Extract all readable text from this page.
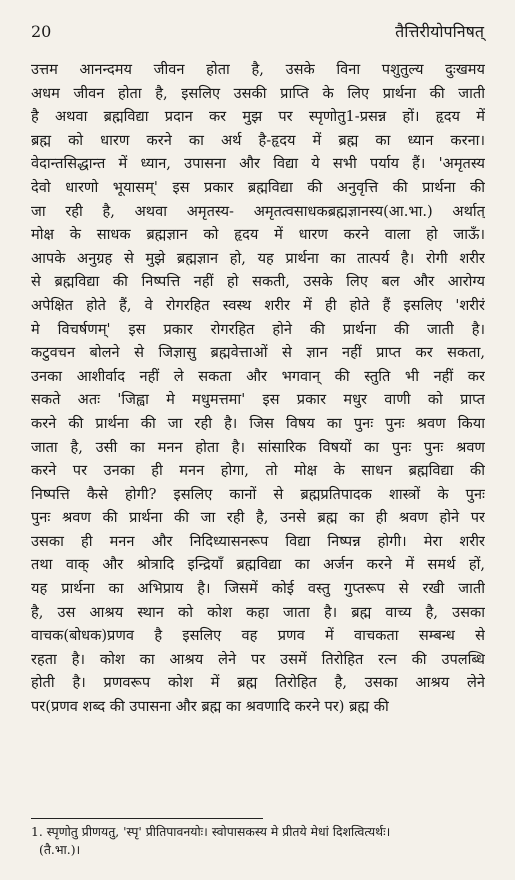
20	तैत्तिरीयोपनिषत्
उत्तम आनन्दमय जीवन होता है, उसके विना पशुतुल्य दुःखमय
अधम जीवन होता है, इसलिए उसकी प्राप्ति के लिए प्रार्थना की जाती
है अथवा ब्रह्मविद्या प्रदान कर मुझ पर स्पृणोतु1-प्रसन्न हों। हृदय में
ब्रह्म को धारण करने का अर्थ है-हृदय में ब्रह्म का ध्यान करना।
वेदान्तसिद्धान्त में ध्यान, उपासना और विद्या ये सभी पर्याय हैं। 'अमृतस्य
देवो धारणो भूयासम्' इस प्रकार ब्रह्मविद्या की अनुवृत्ति की प्रार्थना की
जा रही है, अथवा अमृतस्य- अमृतत्वसाधकब्रह्मज्ञानस्य(आ.भा.) अर्थात्
मोक्ष के साधक ब्रह्मज्ञान को हृदय में धारण करने वाला हो जाऊँ।
आपके अनुग्रह से मुझे ब्रह्मज्ञान हो, यह प्रार्थना का तात्पर्य है। रोगी शरीर
से ब्रह्मविद्या की निष्पत्ति नहीं हो सकती, उसके लिए बल और आरोग्य
अपेक्षित होते हैं, वे रोगरहित स्वस्थ शरीर में ही होते हैं इसलिए 'शरीरं
मे विचर्षणम्' इस प्रकार रोगरहित होने की प्रार्थना की जाती है।
कटुवचन बोलने से जिज्ञासु ब्रह्मवेत्ताओं से ज्ञान नहीं प्राप्त कर सकता,
उनका आशीर्वाद नहीं ले सकता और भगवान् की स्तुति भी नहीं कर
सकते अतः 'जिह्वा मे मधुमत्तमा' इस प्रकार मधुर वाणी को प्राप्त
करने की प्रार्थना की जा रही है। जिस विषय का पुनः पुनः श्रवण किया
जाता है, उसी का मनन होता है। सांसारिक विषयों का पुनः पुनः श्रवण
करने पर उनका ही मनन होगा, तो मोक्ष के साधन ब्रह्मविद्या की
निष्पत्ति कैसे होगी? इसलिए कानों से ब्रह्मप्रतिपादक शास्त्रों के पुनः
पुनः श्रवण की प्रार्थना की जा रही है, उनसे ब्रह्म का ही श्रवण होने पर
उसका ही मनन और निदिध्यासनरूप विद्या निष्पन्न होगी। मेरा शरीर
तथा वाक् और श्रोत्रादि इन्द्रियाँ ब्रह्मविद्या का अर्जन करने में समर्थ हों,
यह प्रार्थना का अभिप्राय है। जिसमें कोई वस्तु गुप्तरूप से रखी जाती
है, उस आश्रय स्थान को कोश कहा जाता है। ब्रह्म वाच्य है, उसका
वाचक(बोधक)प्रणव है इसलिए वह प्रणव में वाचकता सम्बन्ध से
रहता है। कोश का आश्रय लेने पर उसमें तिरोहित रत्न की उपलब्धि
होती है। प्रणवरूप कोश में ब्रह्म तिरोहित है, उसका आश्रय लेने
पर(प्रणव शब्द की उपासना और ब्रह्म का श्रवणादि करने पर) ब्रह्म की
1. स्पृणोतु प्रीणयतु, 'स्पृ' प्रीतिपावनयोः। स्वोपासकस्य मे प्रीतये मेधां दिशत्वित्यर्थः।
(तै.भा.)।
